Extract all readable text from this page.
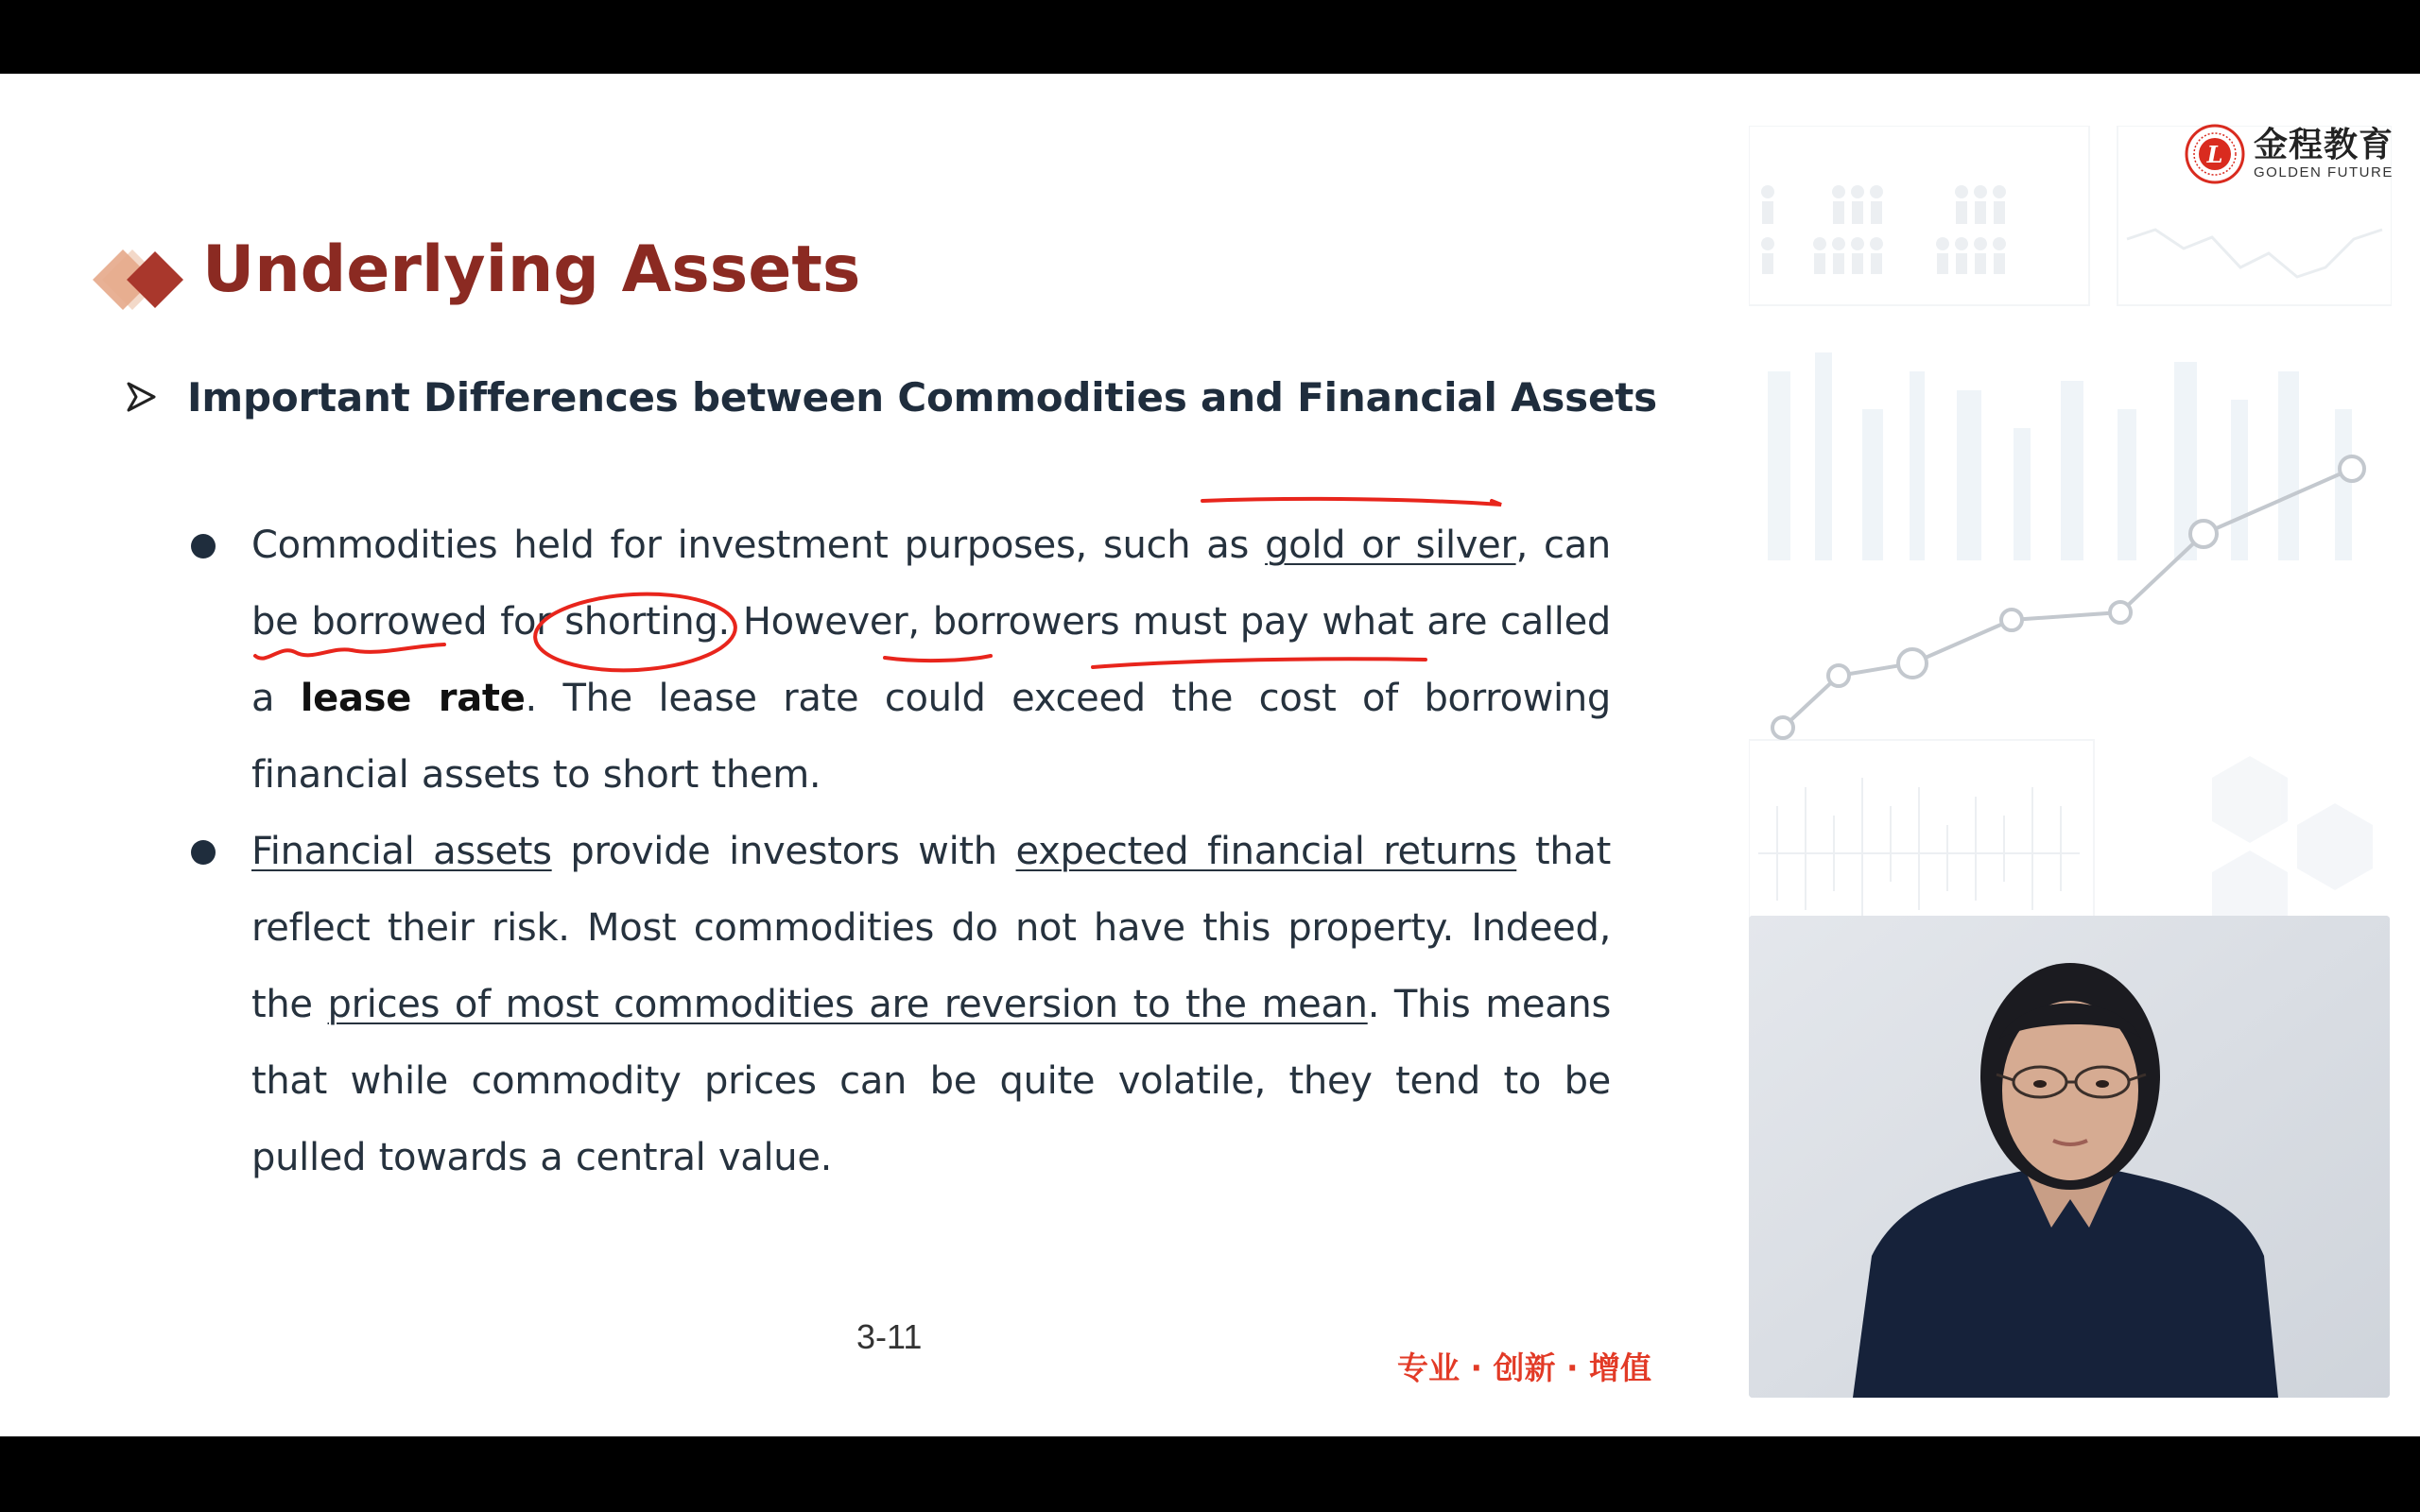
Underlying Assets
Important Differences between Commodities and Financial Assets
Commodities held for investment purposes, such as gold or silver, can be borrowed for shorting. However, borrowers must pay what are called a lease rate. The lease rate could exceed the cost of borrowing financial assets to short them.
Financial assets provide investors with expected financial returns that reflect their risk. Most commodities do not have this property. Indeed, the prices of most commodities are reversion to the mean. This means that while commodity prices can be quite volatile, they tend to be pulled towards a central value.
3-11
专业 · 创新 · 增值
L 金程教育
GOLDEN FUTURE
